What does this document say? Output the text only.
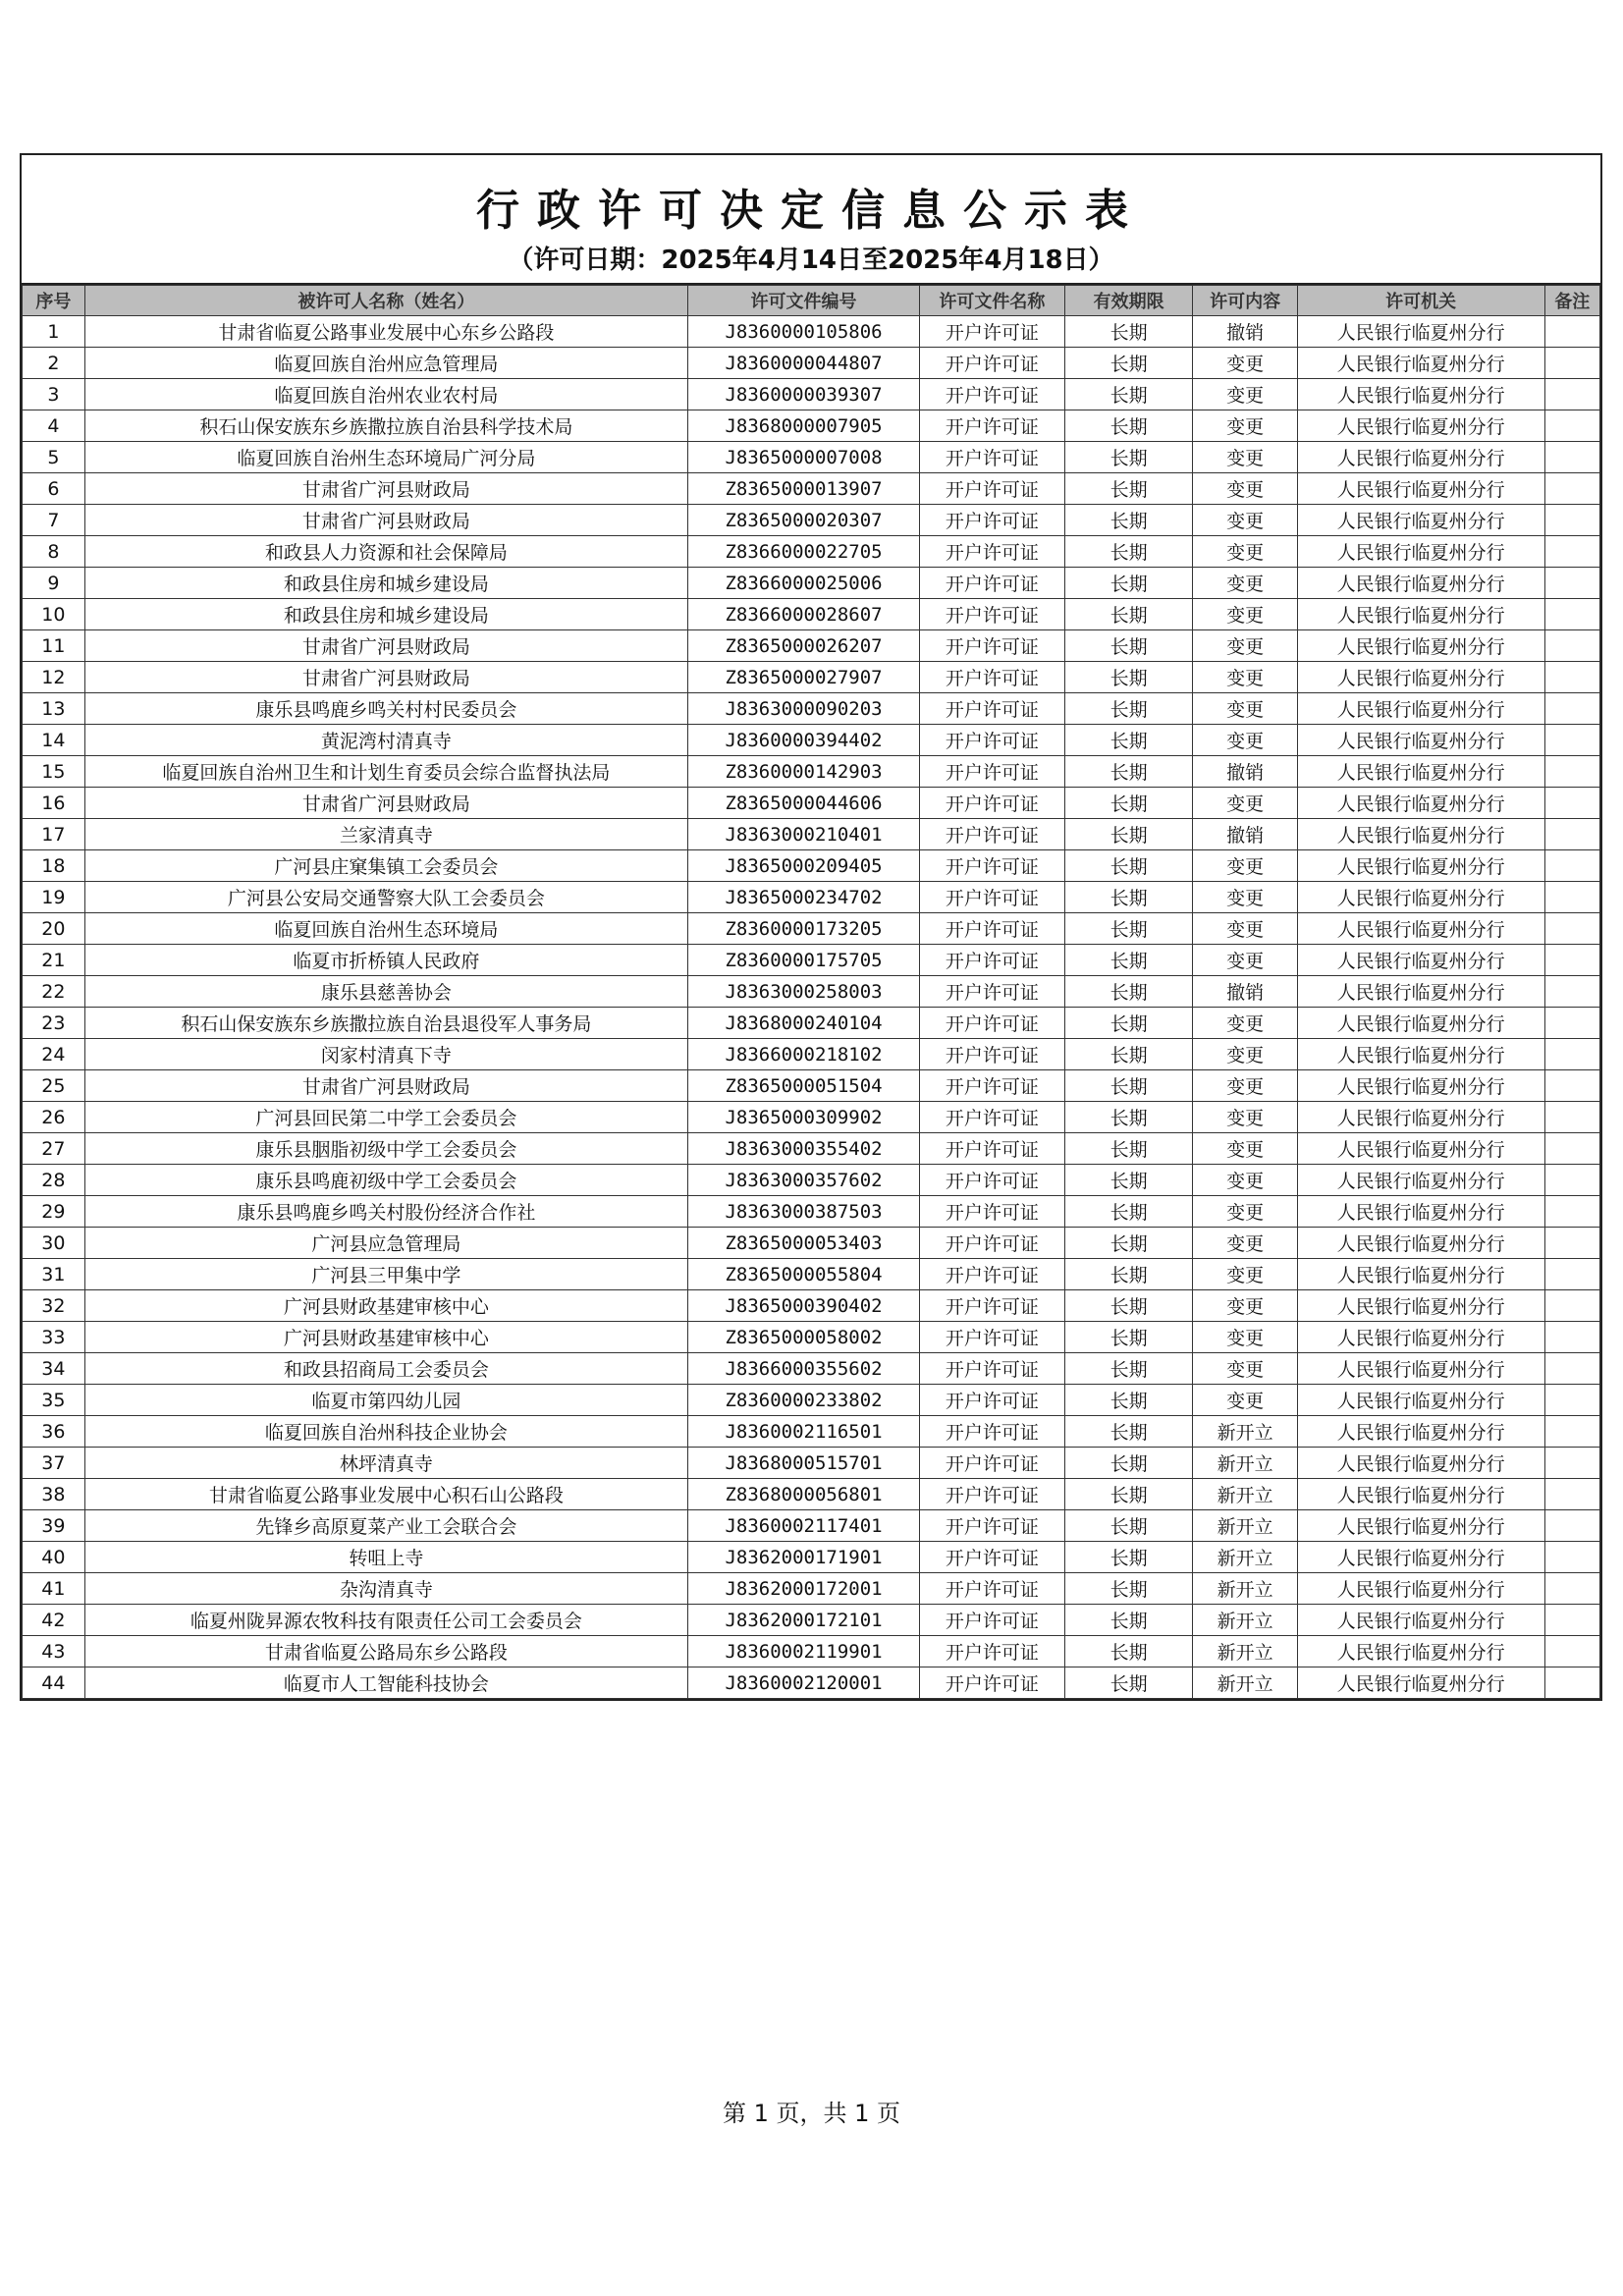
行政许可决定信息公示表
（许可日期：2025年4月14日至2025年4月18日）
序号	被许可人名称（姓名）	许可文件编号	许可文件名称	有效期限	许可内容	许可机关	备注
1	甘肃省临夏公路事业发展中心东乡公路段	J8360000105806	开户许可证	长期	撤销	人民银行临夏州分行	
2	临夏回族自治州应急管理局	J8360000044807	开户许可证	长期	变更	人民银行临夏州分行	
3	临夏回族自治州农业农村局	J8360000039307	开户许可证	长期	变更	人民银行临夏州分行	
4	积石山保安族东乡族撒拉族自治县科学技术局	J8368000007905	开户许可证	长期	变更	人民银行临夏州分行	
5	临夏回族自治州生态环境局广河分局	J8365000007008	开户许可证	长期	变更	人民银行临夏州分行	
6	甘肃省广河县财政局	Z8365000013907	开户许可证	长期	变更	人民银行临夏州分行	
7	甘肃省广河县财政局	Z8365000020307	开户许可证	长期	变更	人民银行临夏州分行	
8	和政县人力资源和社会保障局	Z8366000022705	开户许可证	长期	变更	人民银行临夏州分行	
9	和政县住房和城乡建设局	Z8366000025006	开户许可证	长期	变更	人民银行临夏州分行	
10	和政县住房和城乡建设局	Z8366000028607	开户许可证	长期	变更	人民银行临夏州分行	
11	甘肃省广河县财政局	Z8365000026207	开户许可证	长期	变更	人民银行临夏州分行	
12	甘肃省广河县财政局	Z8365000027907	开户许可证	长期	变更	人民银行临夏州分行	
13	康乐县鸣鹿乡鸣关村村民委员会	J8363000090203	开户许可证	长期	变更	人民银行临夏州分行	
14	黄泥湾村清真寺	J8360000394402	开户许可证	长期	变更	人民银行临夏州分行	
15	临夏回族自治州卫生和计划生育委员会综合监督执法局	Z8360000142903	开户许可证	长期	撤销	人民银行临夏州分行	
16	甘肃省广河县财政局	Z8365000044606	开户许可证	长期	变更	人民银行临夏州分行	
17	兰家清真寺	J8363000210401	开户许可证	长期	撤销	人民银行临夏州分行	
18	广河县庄窠集镇工会委员会	J8365000209405	开户许可证	长期	变更	人民银行临夏州分行	
19	广河县公安局交通警察大队工会委员会	J8365000234702	开户许可证	长期	变更	人民银行临夏州分行	
20	临夏回族自治州生态环境局	Z8360000173205	开户许可证	长期	变更	人民银行临夏州分行	
21	临夏市折桥镇人民政府	Z8360000175705	开户许可证	长期	变更	人民银行临夏州分行	
22	康乐县慈善协会	J8363000258003	开户许可证	长期	撤销	人民银行临夏州分行	
23	积石山保安族东乡族撒拉族自治县退役军人事务局	J8368000240104	开户许可证	长期	变更	人民银行临夏州分行	
24	闵家村清真下寺	J8366000218102	开户许可证	长期	变更	人民银行临夏州分行	
25	甘肃省广河县财政局	Z8365000051504	开户许可证	长期	变更	人民银行临夏州分行	
26	广河县回民第二中学工会委员会	J8365000309902	开户许可证	长期	变更	人民银行临夏州分行	
27	康乐县胭脂初级中学工会委员会	J8363000355402	开户许可证	长期	变更	人民银行临夏州分行	
28	康乐县鸣鹿初级中学工会委员会	J8363000357602	开户许可证	长期	变更	人民银行临夏州分行	
29	康乐县鸣鹿乡鸣关村股份经济合作社	J8363000387503	开户许可证	长期	变更	人民银行临夏州分行	
30	广河县应急管理局	Z8365000053403	开户许可证	长期	变更	人民银行临夏州分行	
31	广河县三甲集中学	Z8365000055804	开户许可证	长期	变更	人民银行临夏州分行	
32	广河县财政基建审核中心	J8365000390402	开户许可证	长期	变更	人民银行临夏州分行	
33	广河县财政基建审核中心	Z8365000058002	开户许可证	长期	变更	人民银行临夏州分行	
34	和政县招商局工会委员会	J8366000355602	开户许可证	长期	变更	人民银行临夏州分行	
35	临夏市第四幼儿园	Z8360000233802	开户许可证	长期	变更	人民银行临夏州分行	
36	临夏回族自治州科技企业协会	J8360002116501	开户许可证	长期	新开立	人民银行临夏州分行	
37	林坪清真寺	J8368000515701	开户许可证	长期	新开立	人民银行临夏州分行	
38	甘肃省临夏公路事业发展中心积石山公路段	Z8368000056801	开户许可证	长期	新开立	人民银行临夏州分行	
39	先锋乡高原夏菜产业工会联合会	J8360002117401	开户许可证	长期	新开立	人民银行临夏州分行	
40	转咀上寺	J8362000171901	开户许可证	长期	新开立	人民银行临夏州分行	
41	杂沟清真寺	J8362000172001	开户许可证	长期	新开立	人民银行临夏州分行	
42	临夏州陇昇源农牧科技有限责任公司工会委员会	J8362000172101	开户许可证	长期	新开立	人民银行临夏州分行	
43	甘肃省临夏公路局东乡公路段	J8360002119901	开户许可证	长期	新开立	人民银行临夏州分行	
44	临夏市人工智能科技协会	J8360002120001	开户许可证	长期	新开立	人民银行临夏州分行	
第 1 页，共 1 页
